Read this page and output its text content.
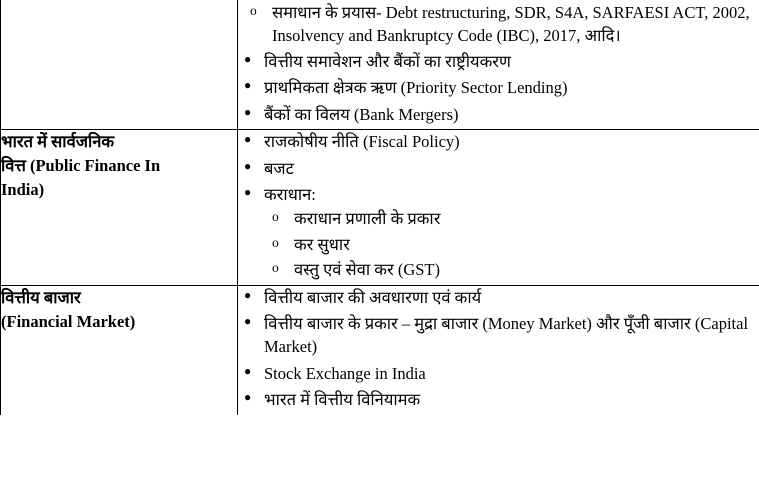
o समाधान के प्रयास- Debt restructuring, SDR, S4A, SARFAESI ACT, 2002, Insolvency and Bankruptcy Code (IBC), 2017, आदि।
● वित्तीय समावेशन और बैंकों का राष्ट्रीयकरण
● प्राथमिकता क्षेत्रक ऋण (Priority Sector Lending)
● बैंकों का विलय (Bank Mergers)

भारत में सार्वजनिक
वित्त (Public Finance In
India)

● राजकोषीय नीति (Fiscal Policy)
● बजट
● कराधान:
o कराधान प्रणाली के प्रकार
o कर सुधार
o वस्तु एवं सेवा कर (GST)

वित्तीय बाजार
(Financial Market)

● वित्तीय बाजार की अवधारणा एवं कार्य
● वित्तीय बाजार के प्रकार – मुद्रा बाजार (Money Market) और पूँजी बाजार (Capital Market)
● Stock Exchange in India
● भारत में वित्तीय विनियामक
